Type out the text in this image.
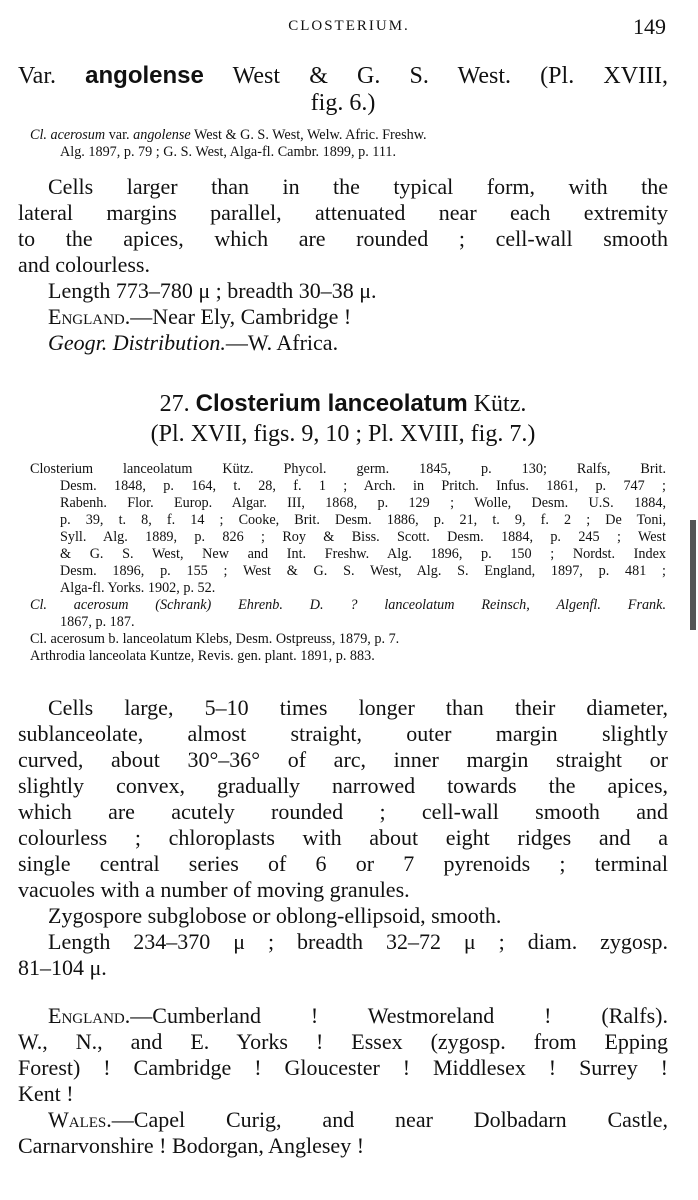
CLOSTERIUM.	149
Var. angolense West & G. S. West. (Pl. XVIII,
fig. 6.)
Cl. acerosum var. angolense West & G. S. West, Welw. Afric. Freshw.
Alg. 1897, p. 79 ; G. S. West, Alga-fl. Cambr. 1899, p. 111.
Cells larger than in the typical form, with the
lateral margins parallel, attenuated near each extremity
to the apices, which are rounded ; cell-wall smooth
and colourless.
Length 773–780 μ ; breadth 30–38 μ.
England.—Near Ely, Cambridge !
Geogr. Distribution.—W. Africa.
27. Closterium lanceolatum Kütz.
(Pl. XVII, figs. 9, 10 ; Pl. XVIII, fig. 7.)
Closterium lanceolatum Kütz. Phycol. germ. 1845, p. 130; Ralfs, Brit.
Desm. 1848, p. 164, t. 28, f. 1 ; Arch. in Pritch. Infus. 1861, p. 747 ;
Rabenh. Flor. Europ. Algar. III, 1868, p. 129 ; Wolle, Desm. U.S. 1884,
p. 39, t. 8, f. 14 ; Cooke, Brit. Desm. 1886, p. 21, t. 9, f. 2 ; De Toni,
Syll. Alg. 1889, p. 826 ; Roy & Biss. Scott. Desm. 1884, p. 245 ; West
& G. S. West, New and Int. Freshw. Alg. 1896, p. 150 ; Nordst. Index
Desm. 1896, p. 155 ; West & G. S. West, Alg. S. England, 1897, p. 481 ;
Alga-fl. Yorks. 1902, p. 52.
Cl. acerosum (Schrank) Ehrenb. D. ? lanceolatum Reinsch, Algenfl. Frank.
1867, p. 187.
Cl. acerosum b. lanceolatum Klebs, Desm. Ostpreuss, 1879, p. 7.
Arthrodia lanceolata Kuntze, Revis. gen. plant. 1891, p. 883.
Cells large, 5–10 times longer than their diameter,
sublanceolate, almost straight, outer margin slightly
curved, about 30°–36° of arc, inner margin straight or
slightly convex, gradually narrowed towards the apices,
which are acutely rounded ; cell-wall smooth and
colourless ; chloroplasts with about eight ridges and a
single central series of 6 or 7 pyrenoids ; terminal
vacuoles with a number of moving granules.
Zygospore subglobose or oblong-ellipsoid, smooth.
Length 234–370 μ ; breadth 32–72 μ ; diam. zygosp.
81–104 μ.
England.—Cumberland ! Westmoreland ! (Ralfs).
W., N., and E. Yorks ! Essex (zygosp. from Epping
Forest) ! Cambridge ! Gloucester ! Middlesex ! Surrey !
Kent !
Wales.—Capel Curig, and near Dolbadarn Castle,
Carnarvonshire ! Bodorgan, Anglesey !
